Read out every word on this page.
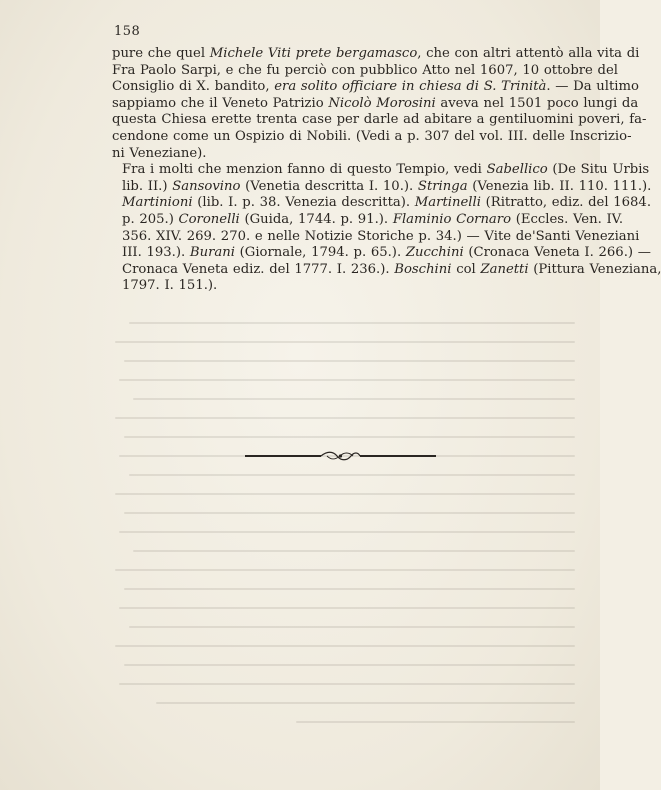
158

pure che quel Michele Viti prete bergamasco, che con altri attentò alla vita di
Fra Paolo Sarpi, e che fu perciò con pubblico Atto nel 1607, 10 ottobre del
Consiglio di X. bandito, era solito officiare in chiesa di S. Trinità. — Da ultimo
sappiamo che il Veneto Patrizio Nicolò Morosini aveva nel 1501 poco lungi da
questa Chiesa erette trenta case per darle ad abitare a gentiluomini poveri, fa-
cendone come un Ospizio di Nobili. (Vedi a p. 307 del vol. III. delle Inscrizio-
ni Veneziane).

Fra i molti che menzion fanno di questo Tempio, vedi Sabellico (De Situ Urbis
lib. II.) Sansovino (Venetia descritta I. 10.). Stringa (Venezia lib. II. 110. 111.).
Martinioni (lib. I. p. 38. Venezia descritta). Martinelli (Ritratto, ediz. del 1684.
p. 205.) Coronelli (Guida, 1744. p. 91.). Flaminio Cornaro (Eccles. Ven. IV.
356. XIV. 269. 270. e nelle Notizie Storiche p. 34.) — Vite de'Santi Veneziani
III. 193.). Burani (Giornale, 1794. p. 65.). Zucchini (Cronaca Veneta I. 266.) —
Cronaca Veneta ediz. del 1777. I. 236.). Boschini col Zanetti (Pittura Veneziana,
1797. I. 151.).
